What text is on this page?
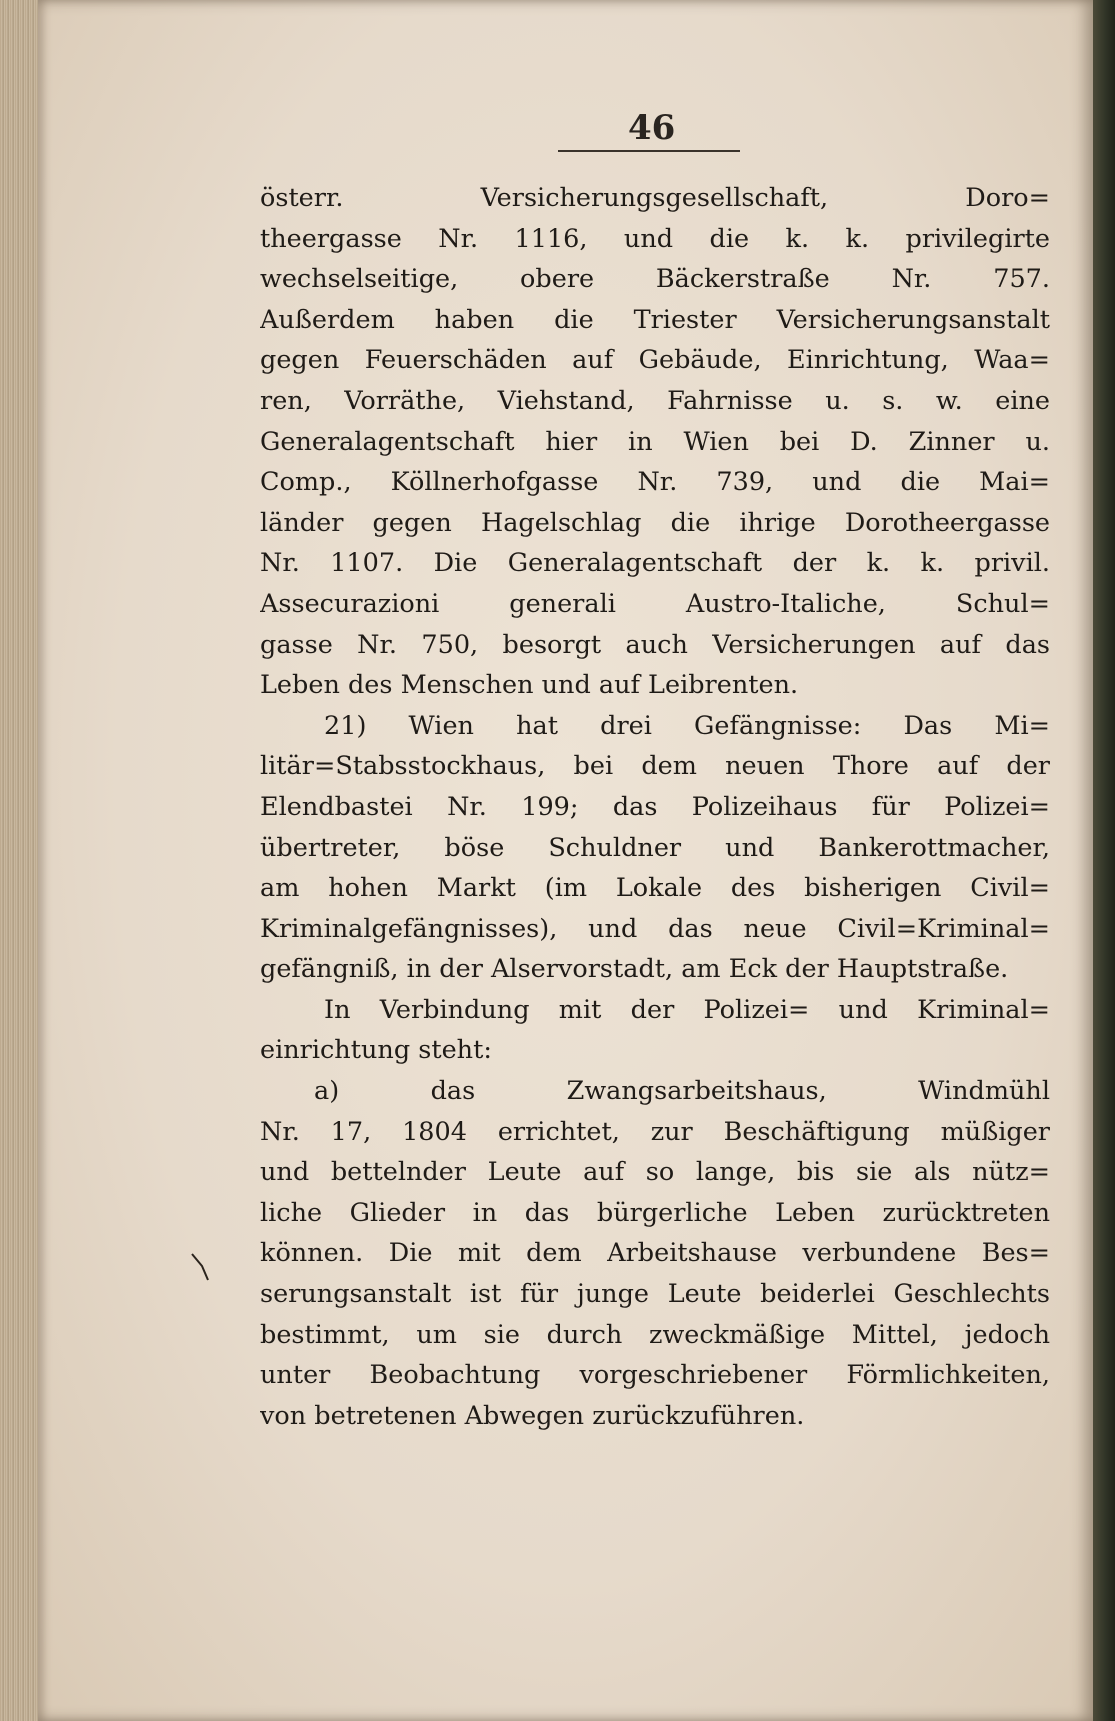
46
österr. Versicherungsgesellschaft, Doro=
theergasse Nr. 1116, und die k. k. privilegirte
wechselseitige, obere Bäckerstraße Nr. 757.
Außerdem haben die Triester Versicherungsanstalt
gegen Feuerschäden auf Gebäude, Einrichtung, Waa=
ren, Vorräthe, Viehstand, Fahrnisse u. s. w. eine
Generalagentschaft hier in Wien bei D. Zinner u.
Comp., Köllnerhofgasse Nr. 739, und die Mai=
länder gegen Hagelschlag die ihrige Dorotheergasse
Nr. 1107. Die Generalagentschaft der k. k. privil.
Assecurazioni generali Austro-Italiche, Schul=
gasse Nr. 750, besorgt auch Versicherungen auf das
Leben des Menschen und auf Leibrenten.
21) Wien hat drei Gefängnisse: Das Mi=
litär=Stabsstockhaus, bei dem neuen Thore auf der
Elendbastei Nr. 199; das Polizeihaus für Polizei=
übertreter, böse Schuldner und Bankerottmacher,
am hohen Markt (im Lokale des bisherigen Civil=
Kriminalgefängnisses), und das neue Civil=Kriminal=
gefängniß, in der Alservorstadt, am Eck der Hauptstraße.
In Verbindung mit der Polizei= und Kriminal=
einrichtung steht:
a) das Zwangsarbeitshaus, Windmühl
Nr. 17, 1804 errichtet, zur Beschäftigung müßiger
und bettelnder Leute auf so lange, bis sie als nütz=
liche Glieder in das bürgerliche Leben zurücktreten
können. Die mit dem Arbeitshause verbundene Bes=
serungsanstalt ist für junge Leute beiderlei Geschlechts
bestimmt, um sie durch zweckmäßige Mittel, jedoch
unter Beobachtung vorgeschriebener Förmlichkeiten,
von betretenen Abwegen zurückzuführen.
